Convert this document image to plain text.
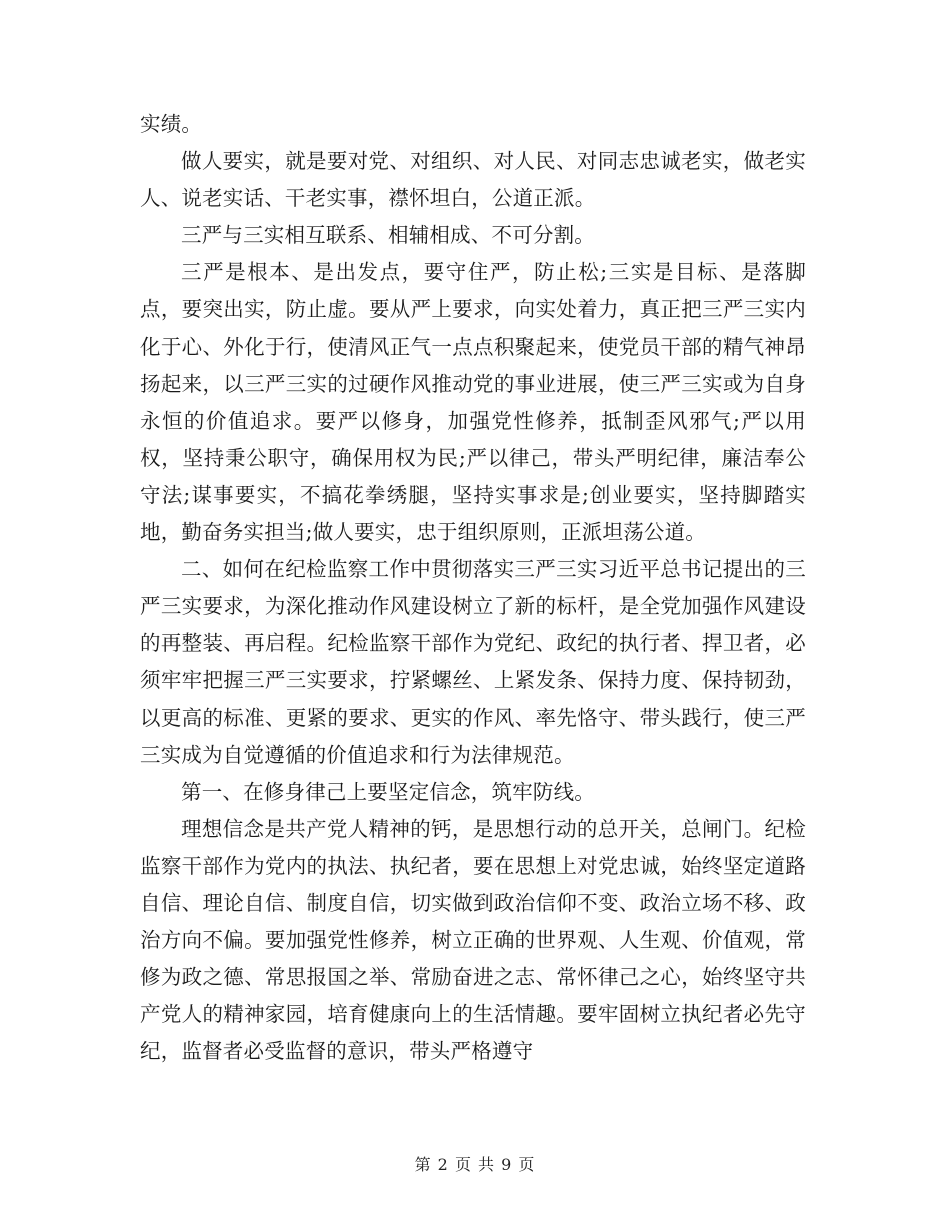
实绩。

做人要实，就是要对党、对组织、对人民、对同志忠诚老实，做老实人、说老实话、干老实事，襟怀坦白，公道正派。

三严与三实相互联系、相辅相成、不可分割。

三严是根本、是出发点，要守住严，防止松;三实是目标、是落脚点，要突出实，防止虚。要从严上要求，向实处着力，真正把三严三实内化于心、外化于行，使清风正气一点点积聚起来，使党员干部的精气神昂扬起来，以三严三实的过硬作风推动党的事业进展，使三严三实或为自身永恒的价值追求。要严以修身，加强党性修养，抵制歪风邪气;严以用权，坚持秉公职守，确保用权为民;严以律己，带头严明纪律，廉洁奉公守法;谋事要实，不搞花拳绣腿，坚持实事求是;创业要实，坚持脚踏实地，勤奋务实担当;做人要实，忠于组织原则，正派坦荡公道。

二、如何在纪检监察工作中贯彻落实三严三实习近平总书记提出的三严三实要求，为深化推动作风建设树立了新的标杆，是全党加强作风建设的再整装、再启程。纪检监察干部作为党纪、政纪的执行者、捍卫者，必须牢牢把握三严三实要求，拧紧螺丝、上紧发条、保持力度、保持韧劲，以更高的标准、更紧的要求、更实的作风、率先恪守、带头践行，使三严三实成为自觉遵循的价值追求和行为法律规范。

第一、在修身律己上要坚定信念，筑牢防线。

理想信念是共产党人精神的钙，是思想行动的总开关，总闸门。纪检监察干部作为党内的执法、执纪者，要在思想上对党忠诚，始终坚定道路自信、理论自信、制度自信，切实做到政治信仰不变、政治立场不移、政治方向不偏。要加强党性修养，树立正确的世界观、人生观、价值观，常修为政之德、常思报国之举、常励奋进之志、常怀律己之心，始终坚守共产党人的精神家园，培育健康向上的生活情趣。要牢固树立执纪者必先守纪，监督者必受监督的意识，带头严格遵守

第 2 页 共 9 页
